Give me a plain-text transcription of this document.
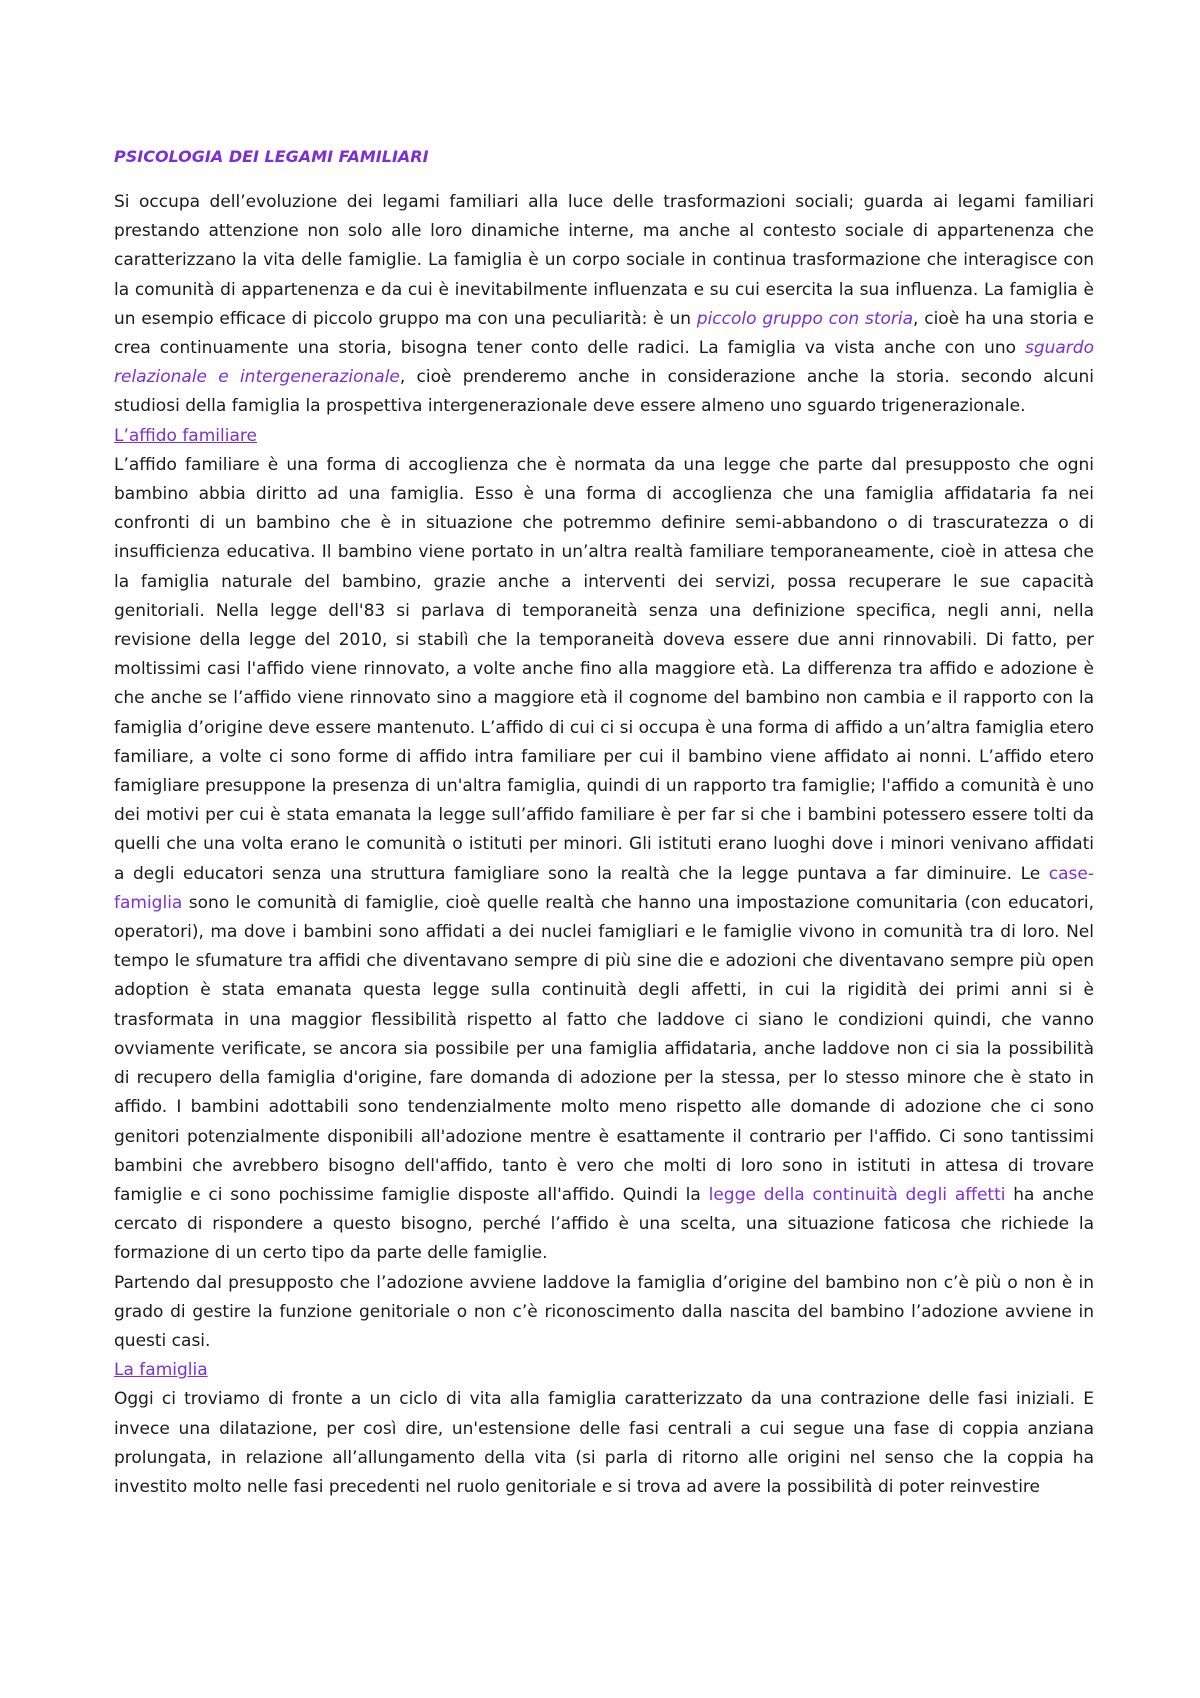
PSICOLOGIA DEI LEGAMI FAMILIARI

Si occupa dell’evoluzione dei legami familiari alla luce delle trasformazioni sociali; guarda ai legami familiari prestando attenzione non solo alle loro dinamiche interne, ma anche al contesto sociale di appartenenza che caratterizzano la vita delle famiglie. La famiglia è un corpo sociale in continua trasformazione che interagisce con la comunità di appartenenza e da cui è inevitabilmente influenzata e su cui esercita la sua influenza. La famiglia è un esempio efficace di piccolo gruppo ma con una peculiarità: è un piccolo gruppo con storia, cioè ha una storia e crea continuamente una storia, bisogna tener conto delle radici. La famiglia va vista anche con uno sguardo relazionale e intergenerazionale, cioè prenderemo anche in considerazione anche la storia. secondo alcuni studiosi della famiglia la prospettiva intergenerazionale deve essere almeno uno sguardo trigenerazionale.

L’affido familiare

L’affido familiare è una forma di accoglienza che è normata da una legge che parte dal presupposto che ogni bambino abbia diritto ad una famiglia. Esso è una forma di accoglienza che una famiglia affidataria fa nei confronti di un bambino che è in situazione che potremmo definire semi-abbandono o di trascuratezza o di insufficienza educativa. Il bambino viene portato in un’altra realtà familiare temporaneamente, cioè in attesa che la famiglia naturale del bambino, grazie anche a interventi dei servizi, possa recuperare le sue capacità genitoriali. Nella legge dell'83 si parlava di temporaneità senza una definizione specifica, negli anni, nella revisione della legge del 2010, si stabilì che la temporaneità doveva essere due anni rinnovabili. Di fatto, per moltissimi casi l'affido viene rinnovato, a volte anche fino alla maggiore età. La differenza tra affido e adozione è che anche se l’affido viene rinnovato sino a maggiore età il cognome del bambino non cambia e il rapporto con la famiglia d’origine deve essere mantenuto. L’affido di cui ci si occupa è una forma di affido a un’altra famiglia etero familiare, a volte ci sono forme di affido intra familiare per cui il bambino viene affidato ai nonni. L’affido etero famigliare presuppone la presenza di un'altra famiglia, quindi di un rapporto tra famiglie; l'affido a comunità è uno dei motivi per cui è stata emanata la legge sull’affido familiare è per far si che i bambini potessero essere tolti da quelli che una volta erano le comunità o istituti per minori. Gli istituti erano luoghi dove i minori venivano affidati a degli educatori senza una struttura famigliare sono la realtà che la legge puntava a far diminuire. Le case-famiglia sono le comunità di famiglie, cioè quelle realtà che hanno una impostazione comunitaria (con educatori, operatori), ma dove i bambini sono affidati a dei nuclei famigliari e le famiglie vivono in comunità tra di loro. Nel tempo le sfumature tra affidi che diventavano sempre di più sine die e adozioni che diventavano sempre più open adoption è stata emanata questa legge sulla continuità degli affetti, in cui la rigidità dei primi anni si è trasformata in una maggior flessibilità rispetto al fatto che laddove ci siano le condizioni quindi, che vanno ovviamente verificate, se ancora sia possibile per una famiglia affidataria, anche laddove non ci sia la possibilità di recupero della famiglia d'origine, fare domanda di adozione per la stessa, per lo stesso minore che è stato in affido. I bambini adottabili sono tendenzialmente molto meno rispetto alle domande di adozione che ci sono genitori potenzialmente disponibili all'adozione mentre è esattamente il contrario per l'affido. Ci sono tantissimi bambini che avrebbero bisogno dell'affido, tanto è vero che molti di loro sono in istituti in attesa di trovare famiglie e ci sono pochissime famiglie disposte all'affido. Quindi la legge della continuità degli affetti ha anche cercato di rispondere a questo bisogno, perché l’affido è una scelta, una situazione faticosa che richiede la formazione di un certo tipo da parte delle famiglie.

Partendo dal presupposto che l’adozione avviene laddove la famiglia d’origine del bambino non c’è più o non è in grado di gestire la funzione genitoriale o non c’è riconoscimento dalla nascita del bambino l’adozione avviene in questi casi.

La famiglia

Oggi ci troviamo di fronte a un ciclo di vita alla famiglia caratterizzato da una contrazione delle fasi iniziali. E invece una dilatazione, per così dire, un'estensione delle fasi centrali a cui segue una fase di coppia anziana prolungata, in relazione all’allungamento della vita (si parla di ritorno alle origini nel senso che la coppia ha investito molto nelle fasi precedenti nel ruolo genitoriale e si trova ad avere la possibilità di poter reinvestire
